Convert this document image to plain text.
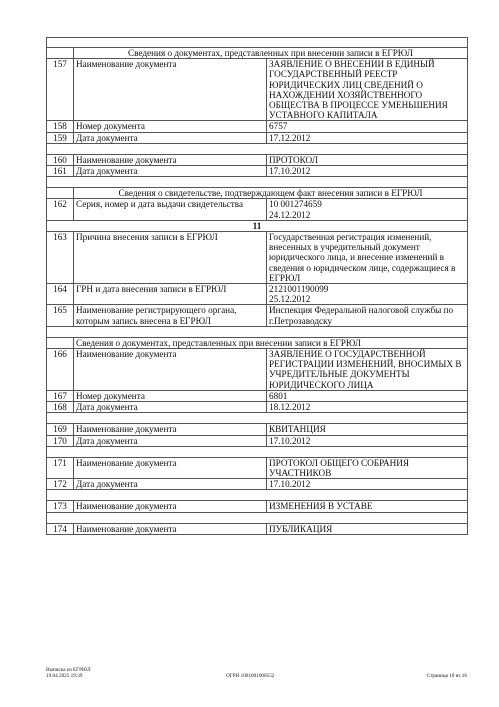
	Сведения о документах, представленных при внесении записи в ЕГРЮЛ	
157	Наименование документа	ЗАЯВЛЕНИЕ О ВНЕСЕНИИ В ЕДИНЫЙ ГОСУДАРСТВЕННЫЙ РЕЕСТР ЮРИДИЧЕСКИХ ЛИЦ СВЕДЕНИЙ О НАХОЖДЕНИИ ХОЗЯЙСТВЕННОГО ОБЩЕСТВА В ПРОЦЕССЕ УМЕНЬШЕНИЯ УСТАВНОГО КАПИТАЛА
158	Номер документа	6757
159	Дата документа	17.12.2012

160	Наименование документа	ПРОТОКОЛ
161	Дата документа	17.10.2012

	Сведения о свидетельстве, подтверждающем факт внесения записи в ЕГРЮЛ	
162	Серия, номер и дата выдачи свидетельства	10 001274659
24.12.2012

11		
163	Причина внесения записи в ЕГРЮЛ	Государственная регистрация изменений, внесенных в учредительный документ юридического лица, и внесение изменений в сведения о юридическом лице, содержащиеся в ЕГРЮЛ
164	ГРН и дата внесения записи в ЕГРЮЛ	2121001190099
25.12.2012

165	Наименование регистрирующего органа, которым запись внесена в ЕГРЮЛ	Инспекция Федеральной налоговой службы по г.Петрозаводску

	Сведения о документах, представленных при внесении записи в ЕГРЮЛ	
166	Наименование документа	ЗАЯВЛЕНИЕ О ГОСУДАРСТВЕННОЙ РЕГИСТРАЦИИ ИЗМЕНЕНИЙ, ВНОСИМЫХ В УЧРЕДИТЕЛЬНЫЕ ДОКУМЕНТЫ ЮРИДИЧЕСКОГО ЛИЦА
167	Номер документа	6801
168	Дата документа	18.12.2012

169	Наименование документа	КВИТАНЦИЯ
170	Дата документа	17.10.2012

171	Наименование документа	ПРОТОКОЛ ОБЩЕГО СОБРАНИЯ УЧАСТНИКОВ
172	Дата документа	17.10.2012

173	Наименование документа	ИЗМЕНЕНИЯ В УСТАВЕ

174	Наименование документа	ПУБЛИКАЦИЯ
Выписка из ЕГРЮЛ
19.04.2025 19:39	ОГРН 1081001000552	Страница 10 из 16
